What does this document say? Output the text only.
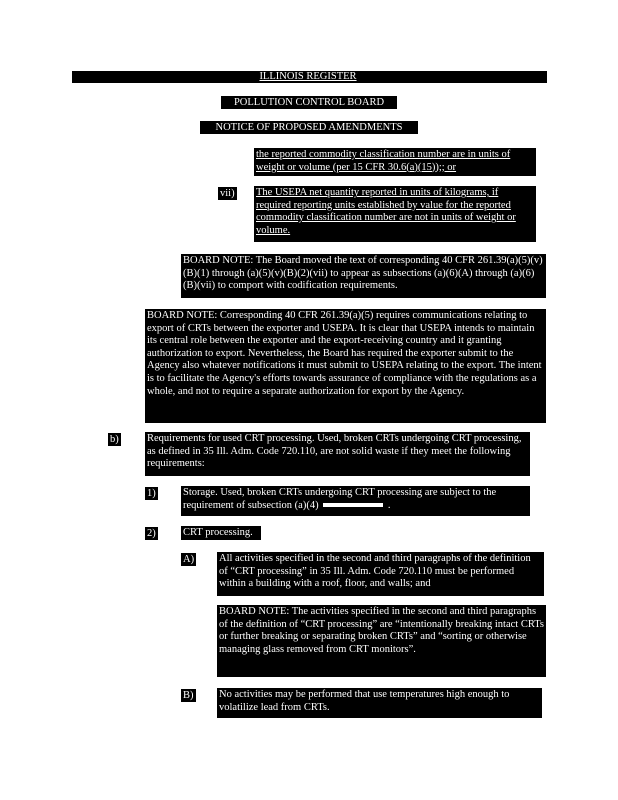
ILLINOIS REGISTER
POLLUTION CONTROL BOARD
NOTICE OF PROPOSED AMENDMENTS
the reported commodity classification number are in units of weight or volume (per 15 CFR 30.6(a)(15));; or
vii) The USEPA net quantity reported in units of kilograms, if required reporting units established by value for the reported commodity classification number are not in units of weight or volume.
BOARD NOTE: The Board moved the text of corresponding 40 CFR 261.39(a)(5)(v)(B)(1) through (a)(5)(v)(B)(2)(vii) to appear as subsections (a)(6)(A) through (a)(6)(B)(vii) to comport with codification requirements.
BOARD NOTE: Corresponding 40 CFR 261.39(a)(5) requires communications relating to export of CRTs between the exporter and USEPA. It is clear that USEPA intends to maintain its central role between the exporter and the export-receiving country and it granting authorization to export. Nevertheless, the Board has required the exporter submit to the Agency also whatever notifications it must submit to USEPA relating to the export. The intent is to facilitate the Agency's efforts towards assurance of compliance with the regulations as a whole, and not to require a separate authorization for export by the Agency.
b)	Requirements for used CRT processing. Used, broken CRTs undergoing CRT processing, as defined in 35 Ill. Adm. Code 720.110, are not solid waste if they meet the following requirements:
1)	Storage. Used, broken CRTs undergoing CRT processing are subject to the requirement of subsection (a)(4)	.
2)	CRT processing.
A) All activities specified in the second and third paragraphs of the definition of “CRT processing” in 35 Ill. Adm. Code 720.110 must be performed within a building with a roof, floor, and walls; and
BOARD NOTE: The activities specified in the second and third paragraphs of the definition of “CRT processing” are “intentionally breaking intact CRTs or further breaking or separating broken CRTs” and “sorting or otherwise managing glass removed from CRT monitors”.
B) No activities may be performed that use temperatures high enough to volatilize lead from CRTs.
